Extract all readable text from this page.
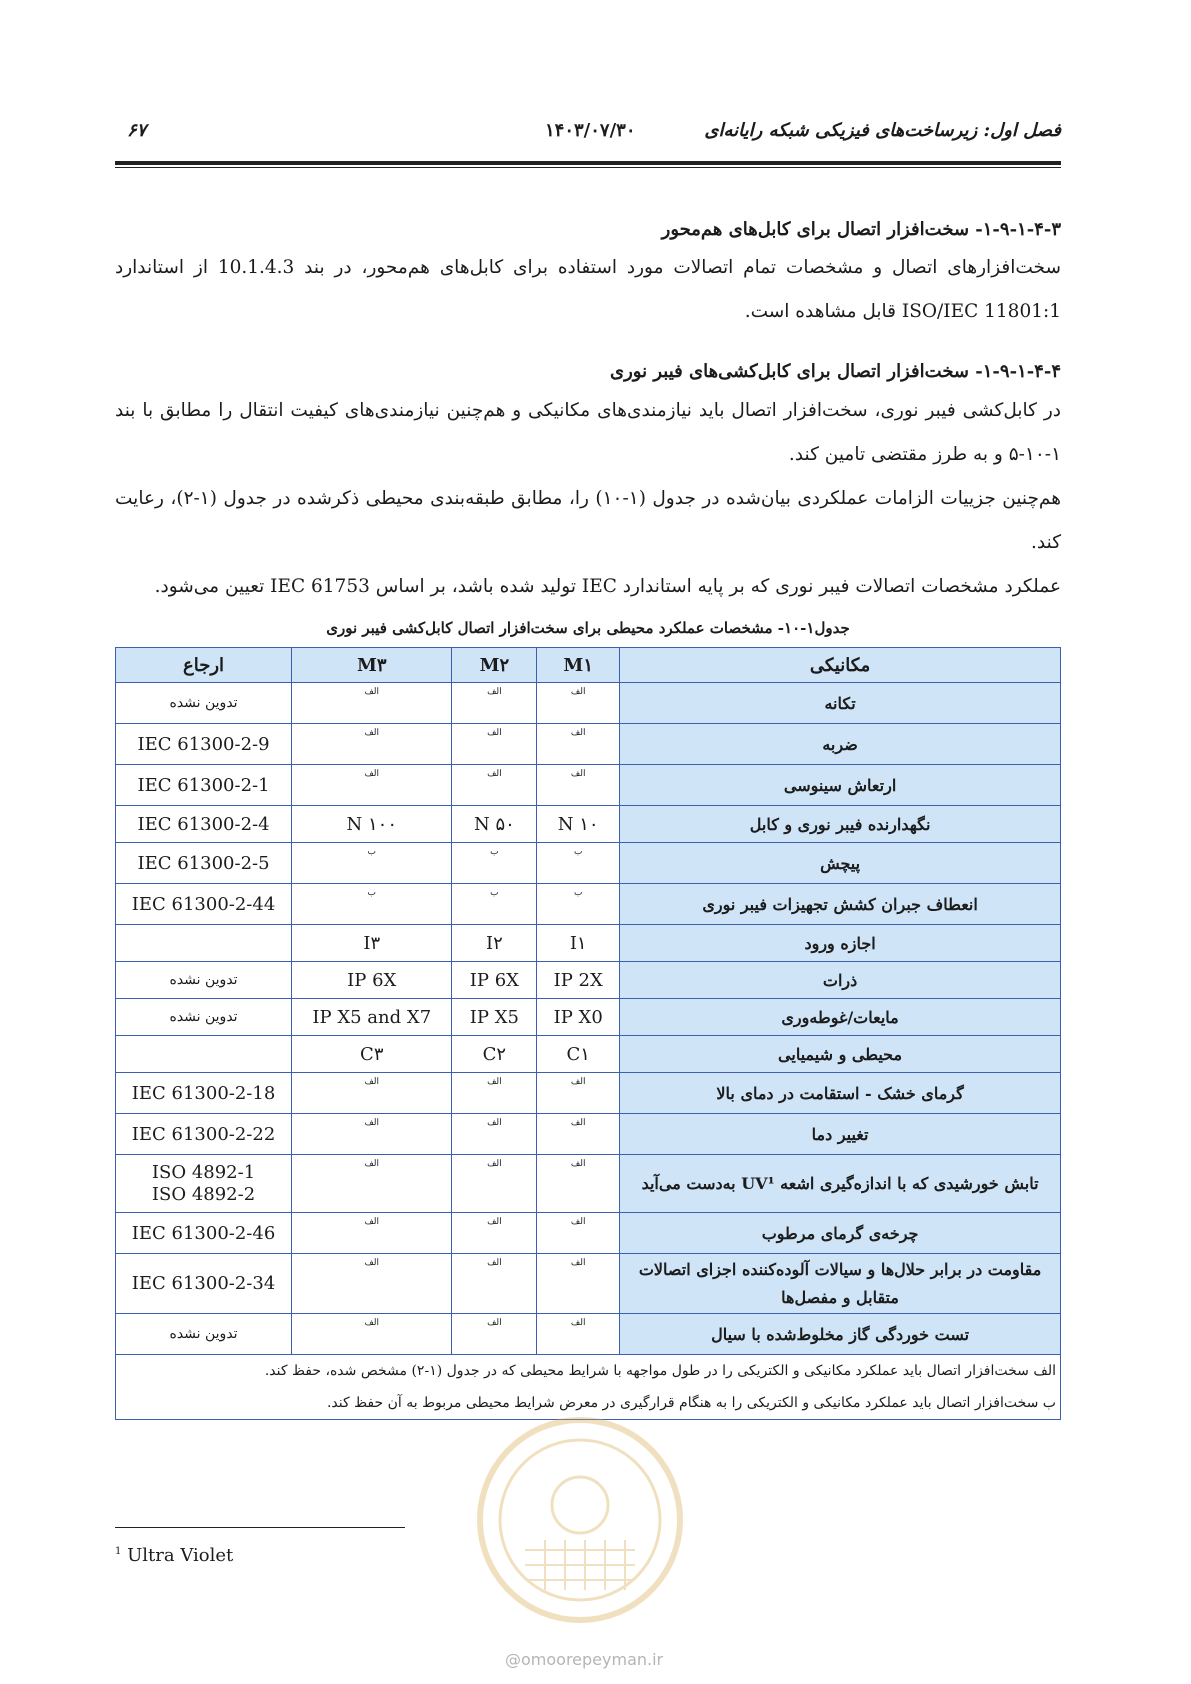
فصل اول: زیرساخت‌های فیزیکی شبکه رایانه‌ای
۱۴۰۳/۰۷/۳۰
۶۷
۱-۹-۱-۴-۳- سخت‌افزار اتصال برای کابل‌های هم‌محور

سخت‌افزارهای اتصال و مشخصات تمام اتصالات مورد استفاده برای کابل‌های هم‌محور، در بند 10.1.4.3 از استاندارد ISO/IEC 11801:1 قابل مشاهده است.

۱-۹-۱-۴-۴- سخت‌افزار اتصال برای کابل‌کشی‌های فیبر نوری

در کابل‌کشی فیبر نوری، سخت‌افزار اتصال باید نیازمندی‌های مکانیکی و هم‌چنین نیازمندی‌های کیفیت انتقال را مطابق با بند ۱-۱۰-۵ و به طرز مقتضی تامین کند.

هم‌چنین جزییات الزامات عملکردی بیان‌شده در جدول (۱-۱۰) را، مطابق طبقه‌بندی محیطی ذکرشده در جدول (۱-۲)، رعایت کند.

عملکرد مشخصات اتصالات فیبر نوری که بر پایه استاندارد IEC تولید شده باشد، بر اساس IEC 61753 تعیین می‌شود.

جدول۱-۱۰- مشخصات عملکرد محیطی برای سخت‌افزار اتصال کابل‌کشی فیبر نوری
مکانیکی	M۱	M۲	M۳	ارجاع
تکانه	الف	الف	الف	تدوین نشده
ضربه	الف	الف	الف	IEC 61300-2-9
ارتعاش سینوسی	الف	الف	الف	IEC 61300-2-1
نگهدارنده فیبر نوری و کابل	۱۰ N	۵۰ N	۱۰۰ N	IEC 61300-2-4
پیچش	ب	ب	ب	IEC 61300-2-5
انعطاف جبران کشش تجهیزات فیبر نوری	ب	ب	ب	IEC 61300-2-44
اجازه ورود	I۱	I۲	I۳	
ذرات	IP 2X	IP 6X	IP 6X	تدوین نشده
مایعات/غوطه‌وری	IP X0	IP X5	IP X5 and X7	تدوین نشده
محیطی و شیمیایی	C۱	C۲	C۳	
گرمای خشک - استقامت در دمای بالا	الف	الف	الف	IEC 61300-2-18
تغییر دما	الف	الف	الف	IEC 61300-2-22
تابش خورشیدی که با اندازه‌گیری اشعه UV¹ به‌دست می‌آید	الف	الف	الف	ISO 4892-1
ISO 4892-2

چرخه‌ی گرمای مرطوب	الف	الف	الف	IEC 61300-2-46
مقاومت در برابر حلال‌ها و سیالات آلوده‌کننده اجزای اتصالات متقابل و مفصل‌ها	الف	الف	الف	IEC 61300-2-34
تست خوردگی گاز مخلوط‌شده با سیال	الف	الف	الف	تدوین نشده

الف سخت‌افزار اتصال باید عملکرد مکانیکی و الکتریکی را در طول مواجهه با شرایط محیطی که در جدول (۱-۲) مشخص شده، حفظ کند.
ب سخت‌افزار اتصال باید عملکرد مکانیکی و الکتریکی را به هنگام قرارگیری در معرض شرایط محیطی مربوط به آن حفظ کند.				
$^1$ Ultra Violet
@omoorepeyman.ir
